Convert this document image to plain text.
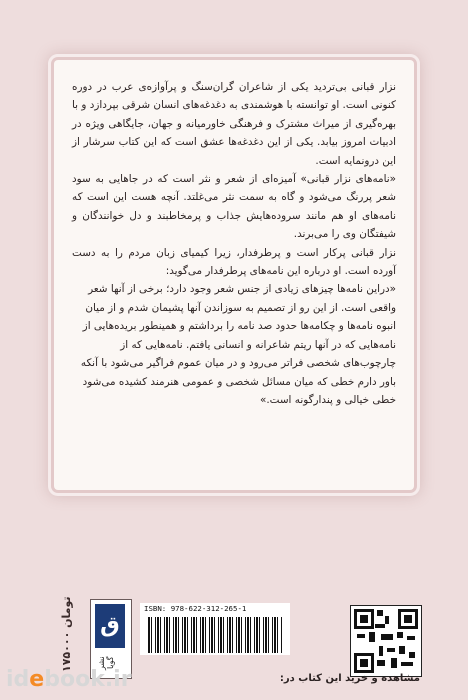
نزار قبانی بی‌تردید یکی از شاعران گران‌سنگ و پرآوازه‌ی عرب در دوره کنونی است. او توانسته با هوشمندی به دغدغه‌های انسان شرقی بپردازد و با بهره‌گیری از میراث مشترک و فرهنگی خاورمیانه و جهان، جایگاهی ویژه در ادبیات امروز بیابد. یکی از این دغدغه‌ها عشق است که این کتاب سرشار از این درونمایه است.

«نامه‌های نزار قبانی» آمیزه‌ای از شعر و نثر است که در جاهایی به سود شعر پررنگ می‌شود و گاه به سمت نثر می‌غلتد. آنچه هست این است که نامه‌های او هم مانند سروده‌هایش جذاب و پرمخاطبند و دل خوانندگان و شیفتگان وی را می‌برند.

نزار قبانی پرکار است و پرطرفدار، زیرا کیمیای زبان مردم را به دست آورده است. او درباره این نامه‌های پرطرفدار می‌گوید:

«دراین نامه‌ها چیزهای زیادی از جنس شعر وجود دارد؛ برخی از آنها شعر واقعی است. از این رو از تصمیم به سوزاندن آنها پشیمان شدم و از میان انبوه نامه‌ها و چکامه‌ها حدود صد نامه را برداشتم و همینطور بریده‌هایی از نامه‌هایی که در آنها ریتم شاعرانه و انسانی یافتم. نامه‌هایی که از چارچوب‌های شخصی فراتر می‌رود و در میان عموم فراگیر می‌شود با آنکه باور دارم خطی که میان مسائل شخصی و عمومی هنرمند کشیده می‌شود خطی خیالی و پندارگونه است.»

۱۷۵۰۰۰ تومان	ق
نشر گویا
ISBN: 978-622-312-265-1
مشاهده و خرید این کتاب در:
idebook.ir
